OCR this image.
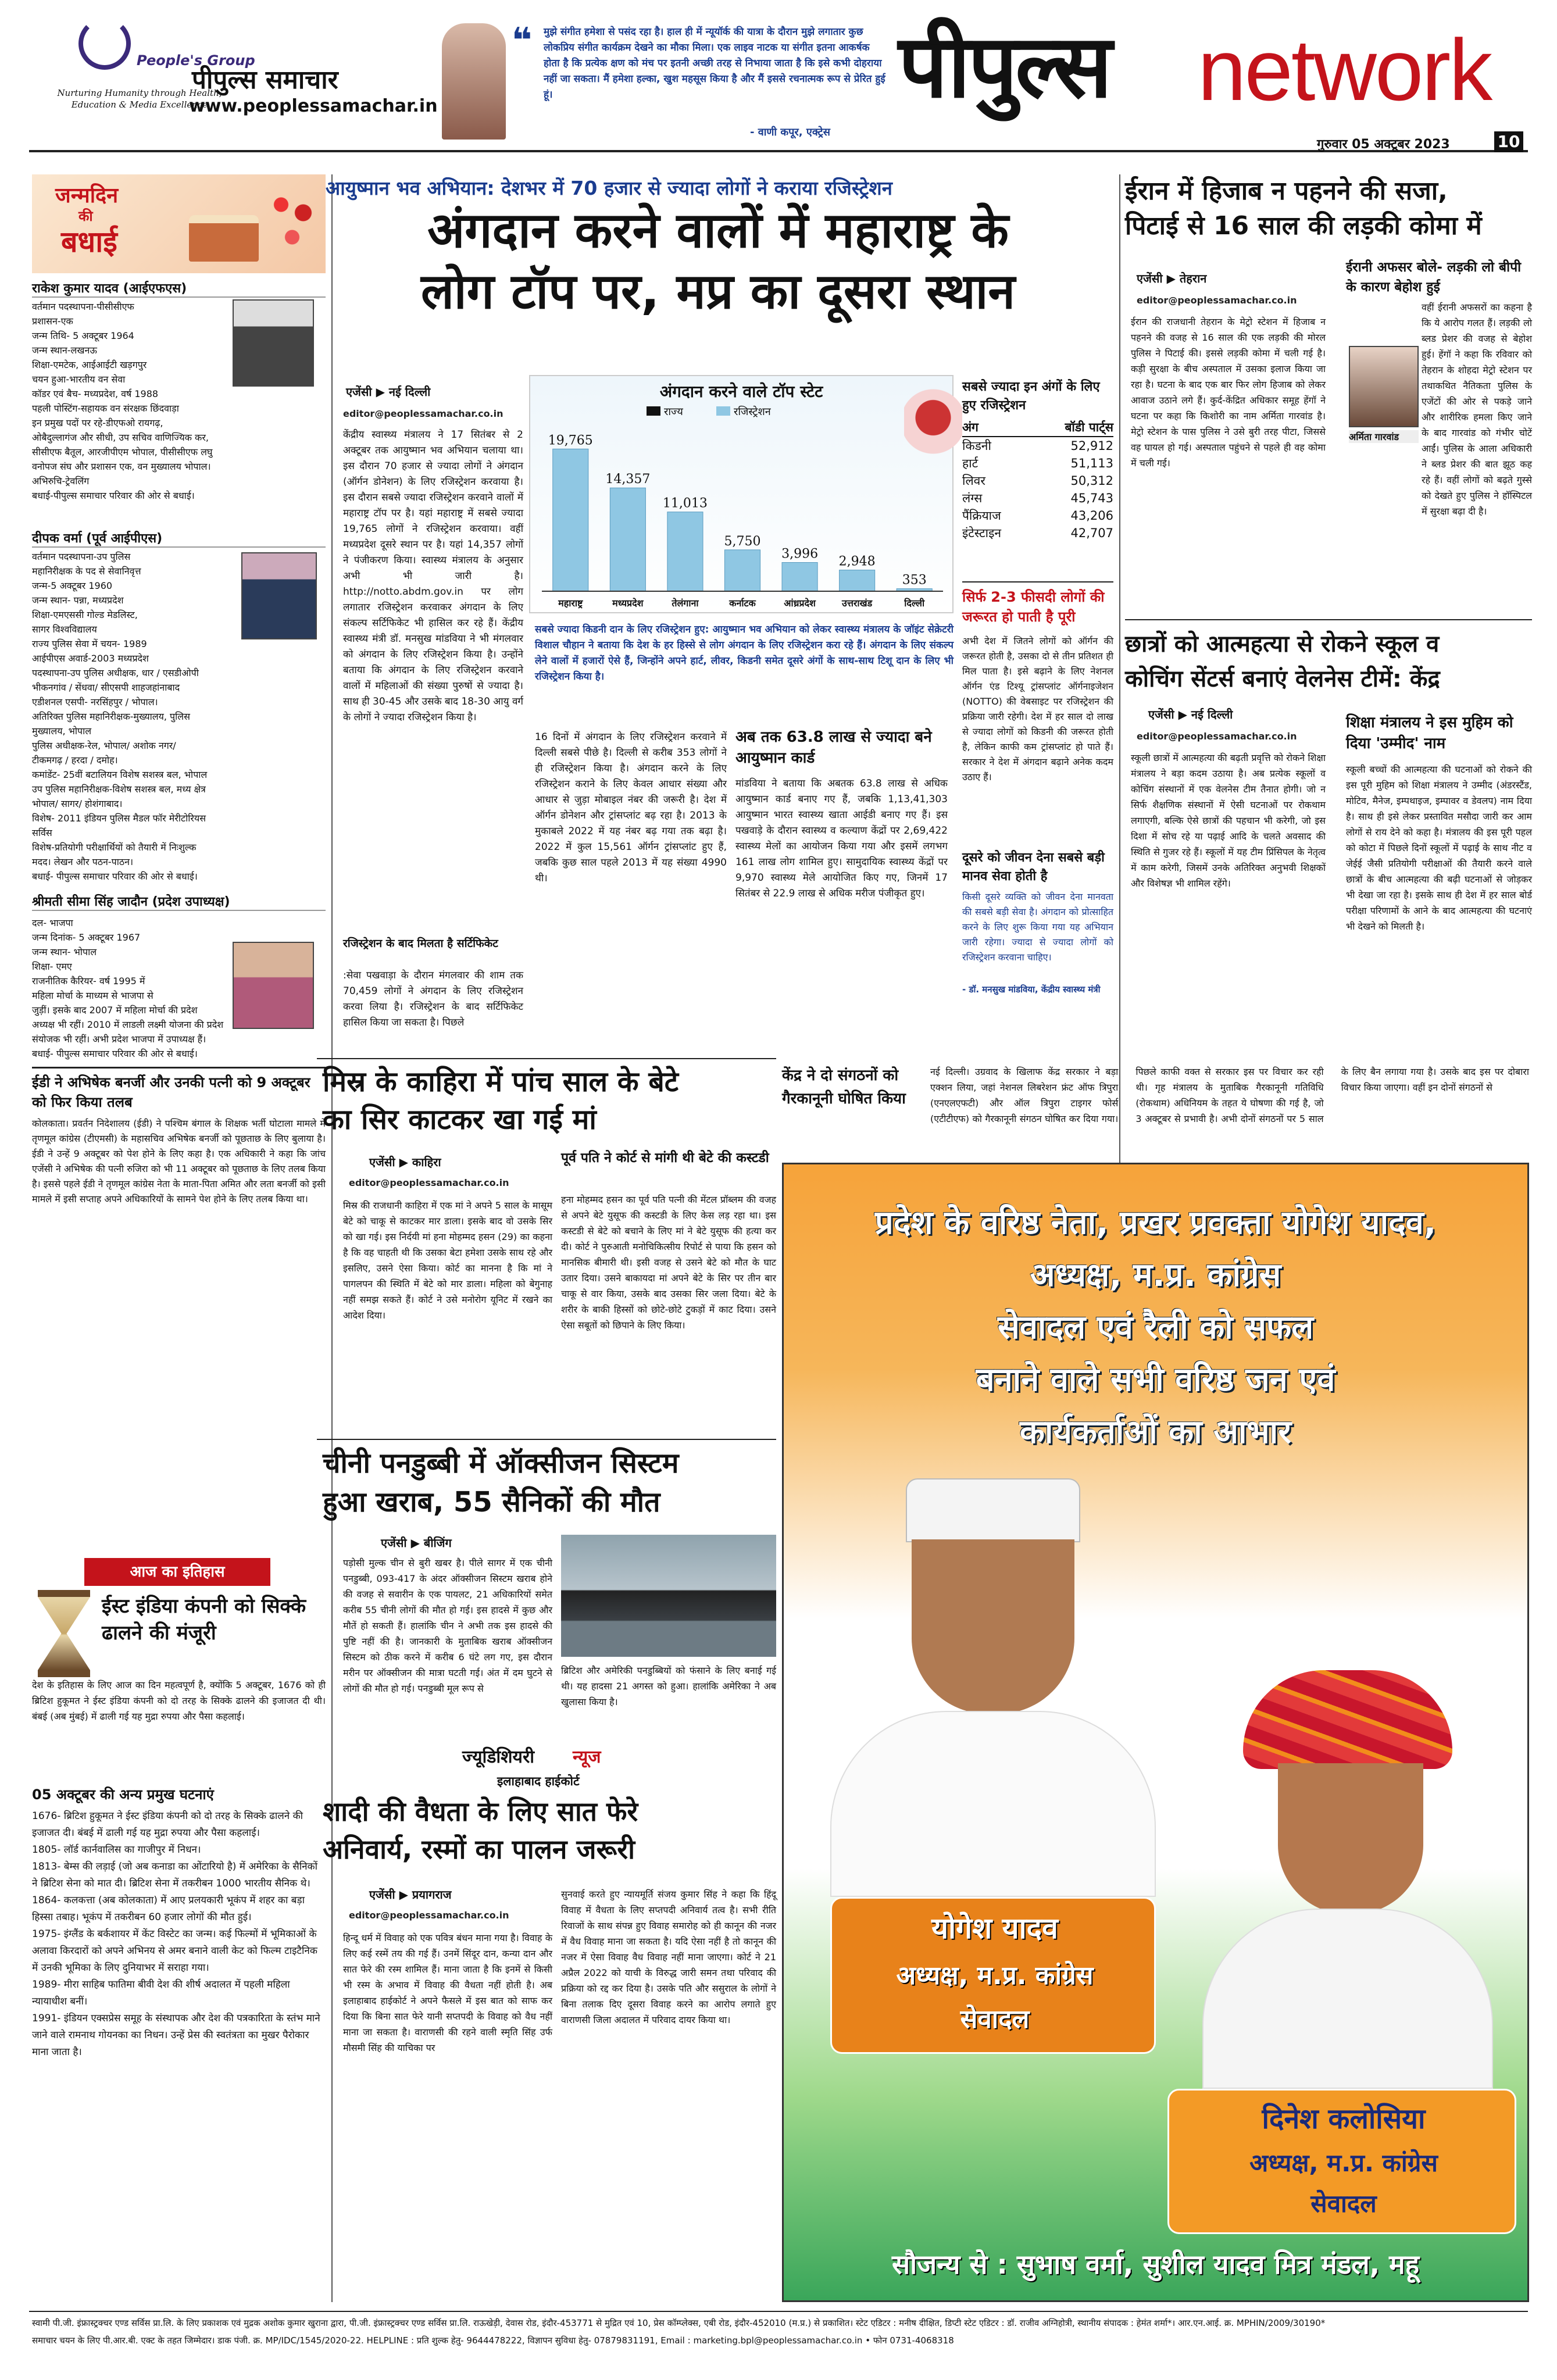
People's Group
Nurturing Humanity through Health, Education & Media Excellence
पीपुल्स समाचार
www.peoplessamachar.in
❝ मुझे संगीत हमेशा से पसंद रहा है। हाल ही में न्यूयॉर्क की यात्रा के दौरान मुझे लगातार कुछ लोकप्रिय संगीत कार्यक्रम देखने का मौका मिला। एक लाइव नाटक या संगीत इतना आकर्षक होता है कि प्रत्येक क्षण को मंच पर इतनी अच्छी तरह से निभाया जाता है कि इसे कभी दोहराया नहीं जा सकता। मैं हमेशा हल्का, खुश महसूस किया है और मैं इससे रचनात्मक रूप से प्रेरित हुई हूं।
- वाणी कपूर, एक्ट्रेस
पीपुल्स network
गुरुवार 05 अक्टूबर 2023	10
जन्मदिन
की
बधाई
राकेश कुमार यादव (आईएफएस)
वर्तमान पदस्थापना-पीसीसीएफ
प्रशासन-एक
जन्म तिथि- 5 अक्टूबर 1964
जन्म स्थान-लखनऊ
शिक्षा-एमटेक, आईआईटी खड़गपुर
चयन हुआ-भारतीय वन सेवा
कॉडर एवं बैच- मध्यप्रदेश, वर्ष 1988
पहली पोस्टिंग-सहायक वन संरक्षक छिंदवाड़ा
इन प्रमुख पदों पर रहे-डीएफओ रायगढ़,
ओबैदुल्लागंज और सीधी, उप सचिव वाणिज्यिक कर,
सीसीएफ बैतूल, आरजीपीएम भोपाल, पीसीसीएफ लघु
वनोपज संघ और प्रशासन एक, वन मुख्यालय भोपाल।
अभिरुचि-ट्रेवलिंग
बधाई-पीपुल्स समाचार परिवार की ओर से बधाई।
दीपक वर्मा (पूर्व आईपीएस)
वर्तमान पदस्थापना-उप पुलिस
महानिरीक्षक के पद से सेवानिवृत्त
जन्म-5 अक्टूबर 1960
जन्म स्थान- पन्ना, मध्यप्रदेश
शिक्षा-एमएससी गोल्ड मेडलिस्ट,
सागर विश्वविद्यालय
राज्य पुलिस सेवा में चयन- 1989
आईपीएस अवार्ड-2003 मध्यप्रदेश
पदस्थापना-उप पुलिस अधीक्षक, धार / एसडीओपी
भीकनगांव / सेंधवा/ सीएसपी शाहजहांनाबाद
एडीशनल एसपी- नरसिंहपुर / भोपाल।
अतिरिक्त पुलिस महानिरीक्षक-मुख्यालय, पुलिस
मुख्यालय, भोपाल
पुलिस अधीक्षक-रेल, भोपाल/ अशोक नगर/
टीकमगढ़ / हरदा / दमोह।
कमांडेंट- 25वीं बटालियन विशेष सशस्त्र बल, भोपाल
उप पुलिस महानिरीक्षक-विशेष सशस्त्र बल, मध्य क्षेत्र
भोपाल/ सागर/ होशंगाबाद।
विशेष- 2011 इंडियन पुलिस मैडल फॉर मेरीटोरियस
सर्विस
विशेष-प्रतियोगी परीक्षार्थियों को तैयारी में निःशुल्क
मदद। लेखन और पठन-पाठन।
बधाई- पीपुल्स समाचार परिवार की ओर से बधाई।
श्रीमती सीमा सिंह जादौन (प्रदेश उपाध्यक्ष)
दल- भाजपा
जन्म दिनांक- 5 अक्टूबर 1967
जन्म स्थान- भोपाल
शिक्षा- एमए
राजनीतिक कैरियर- वर्ष 1995 में
महिला मोर्चा के माध्यम से भाजपा से
जुड़ीं। इसके बाद 2007 में महिला मोर्चा की प्रदेश
अध्यक्ष भी रहीं। 2010 में लाडली लक्ष्मी योजना की प्रदेश
संयोजक भी रहीं। अभी प्रदेश भाजपा में उपाध्यक्ष हैं।
बधाई- पीपुल्स समाचार परिवार की ओर से बधाई।
ईडी ने अभिषेक बनर्जी और उनकी पत्नी को 9 अक्टूबर को फिर किया तलब
कोलकाता। प्रवर्तन निदेशालय (ईडी) ने पश्चिम बंगाल के शिक्षक भर्ती घोटाला मामले में तृणमूल कांग्रेस (टीएमसी) के महासचिव अभिषेक बनर्जी को पूछताछ के लिए बुलाया है। ईडी ने उन्हें 9 अक्टूबर को पेश होने के लिए कहा है। एक अधिकारी ने कहा कि जांच एजेंसी ने अभिषेक की पत्नी रुजिरा को भी 11 अक्टूबर को पूछताछ के लिए तलब किया है। इससे पहले ईडी ने तृणमूल कांग्रेस नेता के माता-पिता अमित और लता बनर्जी को इसी मामले में इसी सप्ताह अपने अधिकारियों के सामने पेश होने के लिए तलब किया था।
आज का इतिहास
ईस्ट इंडिया कंपनी को सिक्के ढालने की मंजूरी
देश के इतिहास के लिए आज का दिन महत्वपूर्ण है, क्योंकि 5 अक्टूबर, 1676 को ही ब्रिटिश हुकूमत ने ईस्ट इंडिया कंपनी को दो तरह के सिक्के ढालने की इजाजत दी थी। बंबई (अब मुंबई) में ढाली गई यह मुद्रा रुपया और पैसा कहलाई।
05 अक्टूबर की अन्य प्रमुख घटनाएं
1676- ब्रिटिश हुकूमत ने ईस्ट इंडिया कंपनी को दो तरह के सिक्के ढालने की इजाजत दी। बंबई में ढाली गई यह मुद्रा रुपया और पैसा कहलाई।
1805- लॉर्ड कार्नवालिस का गाजीपुर में निधन।
1813- बेम्स की लड़ाई (जो अब कनाडा का ओंटारियो है) में अमेरिका के सैनिकों ने ब्रिटिश सेना को मात दी। ब्रिटिश सेना में तकरीबन 1000 भारतीय सैनिक थे।
1864- कलकत्ता (अब कोलकाता) में आए प्रलयकारी भूकंप में शहर का बड़ा हिस्सा तबाह। भूकंप में तकरीबन 60 हजार लोगों की मौत हुई।
1975- इंग्लैंड के बर्कशायर में केंट विस्टेट का जन्म। कई फिल्मों में भूमिकाओं के अलावा किरदारों को अपने अभिनय से अमर बनाने वाली केट को फिल्म टाइटैनिक में उनकी भूमिका के लिए दुनियाभर में सराहा गया।
1989- मीरा साहिब फातिमा बीवी देश की शीर्ष अदालत में पहली महिला न्यायाधीश बनीं।
1991- इंडियन एक्सप्रेस समूह के संस्थापक और देश की पत्रकारिता के स्तंभ माने जाने वाले रामनाथ गोयनका का निधन। उन्हें प्रेस की स्वतंत्रता का मुखर पैरोकार माना जाता है।
आयुष्मान भव अभियान: देशभर में 70 हजार से ज्यादा लोगों ने कराया रजिस्ट्रेशन
अंगदान करने वालों में महाराष्ट्र के
लोग टॉप पर, मप्र का दूसरा स्थान
एजेंसी ▶ नई दिल्ली
editor@peoplessamachar.co.in
केंद्रीय स्वास्थ्य मंत्रालय ने 17 सितंबर से 2 अक्टूबर तक आयुष्मान भव अभियान चलाया था। इस दौरान 70 हजार से ज्यादा लोगों ने अंगदान (ऑर्गन डोनेशन) के लिए रजिस्ट्रेशन करवाया है। इस दौरान सबसे ज्यादा रजिस्ट्रेशन करवाने वालों में महाराष्ट्र टॉप पर है। यहां महाराष्ट्र में सबसे ज्यादा 19,765 लोगों ने रजिस्ट्रेशन करवाया। वहीं मध्यप्रदेश दूसरे स्थान पर है। यहां 14,357 लोगों ने पंजीकरण किया। स्वास्थ्य मंत्रालय के अनुसार अभी भी जारी है। http://notto.abdm.gov.in पर लोग लगातार रजिस्ट्रेशन करवाकर अंगदान के लिए संकल्प सर्टिफिकेट भी हासिल कर रहे हैं। केंद्रीय स्वास्थ्य मंत्री डॉ. मनसुख मांडविया ने भी मंगलवार को अंगदान के लिए रजिस्ट्रेशन किया है। उन्होंने बताया कि अंगदान के लिए रजिस्ट्रेशन करवाने वालों में महिलाओं की संख्या पुरुषों से ज्यादा है। साथ ही 30-45 और उसके बाद 18-30 आयु वर्ग के लोगों ने ज्यादा रजिस्ट्रेशन किया है।
रजिस्ट्रेशन के बाद मिलता है सर्टिफिकेट
:सेवा पखवाड़ा के दौरान मंगलवार की शाम तक 70,459 लोगों ने अंगदान के लिए रजिस्ट्रेशन करवा लिया है। रजिस्ट्रेशन के बाद सर्टिफिकेट हासिल किया जा सकता है। पिछले
अंगदान करने वाले टॉप स्टेट
राज्य	रजिस्ट्रेशन
19,765
महाराष्ट्र
14,357
मध्यप्रदेश
11,013
तेलंगाना
5,750
कर्नाटक
3,996
आंध्रप्रदेश
2,948
उत्तराखंड
353
दिल्ली
सबसे ज्यादा किडनी दान के लिए रजिस्ट्रेशन हुए: आयुष्मान भव अभियान को लेकर स्वास्थ्य मंत्रालय के जॉइंट सेक्रेटरी विशाल चौहान ने बताया कि देश के हर हिस्से से लोग अंगदान के लिए रजिस्ट्रेशन करा रहे हैं। अंगदान के लिए संकल्प लेने वालों में हजारों ऐसे हैं, जिन्होंने अपने हार्ट, लीवर, किडनी समेत दूसरे अंगों के साथ-साथ टिशू दान के लिए भी रजिस्ट्रेशन किया है।
16 दिनों में अंगदान के लिए रजिस्ट्रेशन करवाने में दिल्ली सबसे पीछे है। दिल्ली से करीब 353 लोगों ने ही रजिस्ट्रेशन किया है। अंगदान करने के लिए रजिस्ट्रेशन कराने के लिए केवल आधार संख्या और आधार से जुड़ा मोबाइल नंबर की जरूरी है। देश में ऑर्गन डोनेशन और ट्रांसप्लांट बढ़ रहा है। 2013 के मुकाबले 2022 में यह नंबर बढ़ गया तक बढ़ा है। 2022 में कुल 15,561 ऑर्गन ट्रांसप्लांट हुए हैं, जबकि कुछ साल पहले 2013 में यह संख्या 4990 थी।
अब तक 63.8 लाख से ज्यादा बने आयुष्मान कार्ड
मांडविया ने बताया कि अबतक 63.8 लाख से अधिक आयुष्मान कार्ड बनाए गए हैं, जबकि 1,13,41,303 आयुष्मान भारत स्वास्थ्य खाता आईडी बनाए गए हैं। इस पखवाड़े के दौरान स्वास्थ्य व कल्याण केंद्रों पर 2,69,422 स्वास्थ्य मेलों का आयोजन किया गया और इसमें लगभग 161 लाख लोग शामिल हुए। सामुदायिक स्वास्थ्य केंद्रों पर 9,970 स्वास्थ्य मेले आयोजित किए गए, जिनमें 17 सितंबर से 22.9 लाख से अधिक मरीज पंजीकृत हुए।
सबसे ज्यादा इन अंगों के लिए हुए रजिस्ट्रेशन
अंग	बॉडी पार्ट्स
किडनी	52,912
हार्ट	51,113
लिवर	50,312
लंग्स	45,743
पैंक्रियाज	43,206
इंटेस्टाइन	42,707
सिर्फ 2-3 फीसदी लोगों की जरूरत हो पाती है पूरी
अभी देश में जितने लोगों को ऑर्गन की जरूरत होती है, उसका दो से तीन प्रतिशत ही मिल पाता है। इसे बढ़ाने के लिए नेशनल ऑर्गन एंड टिश्यू ट्रांसप्लांट ऑर्गनाइजेशन (NOTTO) की वेबसाइट पर रजिस्ट्रेशन की प्रक्रिया जारी रहेगी। देश में हर साल दो लाख से ज्यादा लोगों को किडनी की जरूरत होती है, लेकिन काफी कम ट्रांसप्लांट हो पाते हैं। सरकार ने देश में अंगदान बढ़ाने अनेक कदम उठाए हैं।
दूसरे को जीवन देना सबसे बड़ी मानव सेवा होती है
किसी दूसरे व्यक्ति को जीवन देना मानवता की सबसे बड़ी सेवा है। अंगदान को प्रोत्साहित करने के लिए शुरू किया गया यह अभियान जारी रहेगा। ज्यादा से ज्यादा लोगों को रजिस्ट्रेशन करवाना चाहिए।
- डॉ. मनसुख मांडविया, केंद्रीय स्वास्थ्य मंत्री
ईरान में हिजाब न पहनने की सजा,
पिटाई से 16 साल की लड़की कोमा में
एजेंसी ▶ तेहरान
editor@peoplessamachar.co.in
ईरान की राजधानी तेहरान के मेट्रो स्टेशन में हिजाब न पहनने की वजह से 16 साल की एक लड़की की मोरल पुलिस ने पिटाई की। इससे लड़की कोमा में चली गई है। कड़ी सुरक्षा के बीच अस्पताल में उसका इलाज किया जा रहा है। घटना के बाद एक बार फिर लोग हिजाब को लेकर आवाज उठाने लगे हैं। कुर्द-केंद्रित अधिकार समूह हेंगॉ ने घटना पर कहा कि किशोरी का नाम अर्मिता गारवांड है। मेट्रो स्टेशन के पास पुलिस ने उसे बुरी तरह पीटा, जिससे वह घायल हो गई। अस्पताल पहुंचने से पहले ही वह कोमा में चली गई।
ईरानी अफसर बोले- लड़की लो बीपी के कारण बेहोश हुई
अर्मिता गारवांड
वहीं ईरानी अफसरों का कहना है कि ये आरोप गलत हैं। लड़की लो ब्लड प्रेशर की वजह से बेहोश हुई। हेंगॉ ने कहा कि रविवार को तेहरान के शोहदा मेट्रो स्टेशन पर तथाकथित नैतिकता पुलिस के एजेंटों की ओर से पकड़े जाने और शारीरिक हमला किए जाने के बाद गारवांड को गंभीर चोटें आईं। पुलिस के आला अधिकारी ने ब्लड प्रेशर की बात झूठ कह रहे हैं। वहीं लोगों को बढ़ते गुस्से को देखते हुए पुलिस ने हॉस्पिटल में सुरक्षा बढ़ा दी है।
छात्रों को आत्महत्या से रोकने स्कूल व
कोचिंग सेंटर्स बनाएं वेलनेस टीमें: केंद्र
एजेंसी ▶ नई दिल्ली
editor@peoplessamachar.co.in
स्कूली छात्रों में आत्महत्या की बढ़ती प्रवृत्ति को रोकने शिक्षा मंत्रालय ने बड़ा कदम उठाया है। अब प्रत्येक स्कूलों व कोचिंग संस्थानों में एक वेलनेस टीम तैनात होगी। जो न सिर्फ शैक्षणिक संस्थानों में ऐसी घटनाओं पर रोकथाम लगाएगी, बल्कि ऐसे छात्रों की पहचान भी करेगी, जो इस दिशा में सोच रहे या पढ़ाई आदि के चलते अवसाद की स्थिति से गुजर रहे हैं। स्कूलों में यह टीम प्रिंसिपल के नेतृत्व में काम करेगी, जिसमें उनके अतिरिक्त अनुभवी शिक्षकों और विशेषज्ञ भी शामिल रहेंगे।
शिक्षा मंत्रालय ने इस मुहिम को दिया 'उम्मीद' नाम
स्कूली बच्चों की आत्महत्या की घटनाओं को रोकने की इस पूरी मुहिम को शिक्षा मंत्रालय ने उम्मीद (अंडरस्टैंड, मोटिव, मैनेज, इम्पथाइज, इम्पावर व डेवलप) नाम दिया है। साथ ही इसे लेकर प्रस्तावित मसौदा जारी कर आम लोगों से राय देने को कहा है। मंत्रालय की इस पूरी पहल को कोटा में पिछले दिनों स्कूलों में पढ़ाई के साथ नीट व जेईई जैसी प्रतियोगी परीक्षाओं की तैयारी करने वाले छात्रों के बीच आत्महत्या की बढ़ी घटनाओं से जोड़कर भी देखा जा रहा है। इसके साथ ही देश में हर साल बोर्ड परीक्षा परिणामों के आने के बाद आत्महत्या की घटनाएं भी देखने को मिलती है।
मिस्र के काहिरा में पांच साल के बेटे
का सिर काटकर खा गई मां
एजेंसी ▶ काहिरा
editor@peoplessamachar.co.in
मिस्र की राजधानी काहिरा में एक मां ने अपने 5 साल के मासूम बेटे को चाकू से काटकर मार डाला। इसके बाद वो उसके सिर को खा गई। इस निर्दयी मां हना मोहम्मद हसन (29) का कहना है कि वह चाहती थी कि उसका बेटा हमेशा उसके साथ रहे और इसलिए, उसने ऐसा किया। कोर्ट का मानना है कि मां ने पागलपन की स्थिति में बेटे को मार डाला। महिला को बेगुनाह नहीं समझ सकते हैं। कोर्ट ने उसे मनोरोग यूनिट में रखने का आदेश दिया।
पूर्व पति ने कोर्ट से मांगी थी बेटे की कस्टडी
हना मोहम्मद हसन का पूर्व पति पत्नी की मेंटल प्रॉब्लम की वजह से अपने बेटे युसूफ की कस्टडी के लिए केस लड़ रहा था। इस कस्टडी से बेटे को बचाने के लिए मां ने बेटे युसूफ की हत्या कर दी। कोर्ट ने पुरुआती मनोचिकित्सीय रिपोर्ट से पाया कि हसन को मानसिक बीमारी थी। इसी वजह से उसने बेटे को मौत के घाट उतार दिया। उसने बाकायदा मां अपने बेटे के सिर पर तीन बार चाकू से वार किया, उसके बाद उसका सिर जला दिया। बेटे के शरीर के बाकी हिस्सों को छोटे-छोटे टुकड़ों में काट दिया। उसने ऐसा सबूतों को छिपाने के लिए किया।
केंद्र ने दो संगठनों को गैरकानूनी घोषित किया
नई दिल्ली। उग्रवाद के खिलाफ केंद्र सरकार ने बड़ा एक्शन लिया, जहां नेशनल लिबरेशन फ्रंट ऑफ त्रिपुरा (एनएलएफटी) और ऑल त्रिपुरा टाइगर फोर्स (एटीटीएफ) को गैरकानूनी संगठन घोषित कर दिया गया। पिछले काफी वक्त से सरकार इस पर विचार कर रही थी। गृह मंत्रालय के मुताबिक गैरकानूनी गतिविधि (रोकथाम) अधिनियम के तहत ये घोषणा की गई है, जो 3 अक्टूबर से प्रभावी है। अभी दोनों संगठनों पर 5 साल के लिए बैन लगाया गया है। उसके बाद इस पर दोबारा विचार किया जाएगा। वहीं इन दोनों संगठनों से
चीनी पनडुब्बी में ऑक्सीजन सिस्टम
हुआ खराब, 55 सैनिकों की मौत
एजेंसी ▶ बीजिंग
पड़ोसी मुल्क चीन से बुरी खबर है। पीले सागर में एक चीनी पनडुब्बी, 093-417 के अंदर ऑक्सीजन सिस्टम खराब होने की वजह से सवारीन के एक पायलट, 21 अधिकारियों समेत करीब 55 चीनी लोगों की मौत हो गई। इस हादसे में कुछ और मौतें हो सकती हैं। हालांकि चीन ने अभी तक इस हादसे की पुष्टि नहीं की है। जानकारी के मुताबिक खराब ऑक्सीजन सिस्टम को ठीक करने में करीब 6 घंटे लग गए, इस दौरान मरीन पर ऑक्सीजन की मात्रा घटती गई। अंत में दम घुटने से लोगों की मौत हो गई। पनडुब्बी मूल रूप से
ब्रिटिश और अमेरिकी पनडुब्बियों को फंसाने के लिए बनाई गई थी। यह हादसा 21 अगस्त को हुआ। हालांकि अमेरिका ने अब खुलासा किया है।
ज्यूडिशियरी न्यूज
इलाहाबाद हाईकोर्ट
शादी की वैधता के लिए सात फेरे
अनिवार्य, रस्मों का पालन जरूरी
एजेंसी ▶ प्रयागराज
editor@peoplessamachar.co.in
हिन्दू धर्म में विवाह को एक पवित्र बंधन माना गया है। विवाह के लिए कई रस्में तय की गई हैं। उनमें सिंदूर दान, कन्या दान और सात फेरे की रस्म शामिल हैं। माना जाता है कि इनमें से किसी भी रस्म के अभाव में विवाह की वैधता नहीं होती है। अब इलाहाबाद हाईकोर्ट ने अपने फैसले में इस बात को साफ कर दिया कि बिना सात फेरे यानी सप्तपदी के विवाह को वैध नहीं माना जा सकता है। वाराणसी की रहने वाली स्मृति सिंह उर्फ मौसमी सिंह की याचिका पर
सुनवाई करते हुए न्यायमूर्ति संजय कुमार सिंह ने कहा कि हिंदू विवाह में वैधता के लिए सप्तपदी अनिवार्य तत्व है। सभी रीति रिवाजों के साथ संपन्न हुए विवाह समारोह को ही कानून की नजर में वैध विवाह माना जा सकता है। यदि ऐसा नहीं है तो कानून की नजर में ऐसा विवाह वैध विवाह नहीं माना जाएगा। कोर्ट ने 21 अप्रैल 2022 को याची के विरुद्ध जारी समन तथा परिवाद की प्रक्रिया को रद्द कर दिया है। उसके पति और ससुराल के लोगों ने बिना तलाक दिए दूसरा विवाह करने का आरोप लगाते हुए वाराणसी जिला अदालत में परिवाद दायर किया था।
प्रदेश के वरिष्ठ नेता, प्रखर प्रवक्ता योगेश यादव,
अध्यक्ष, म.प्र. कांग्रेस
सेवादल एवं रैली को सफल
बनाने वाले सभी वरिष्ठ जन एवं
कार्यकर्ताओं का आभार
योगेश यादव
अध्यक्ष, म.प्र. कांग्रेस
सेवादल
दिनेश कलोसिया
अध्यक्ष, म.प्र. कांग्रेस
सेवादल
सौजन्य से : सुभाष वर्मा, सुशील यादव मित्र मंडल, महू
स्वामी पी.जी. इंफ्रास्ट्रक्चर एण्ड सर्विस प्रा.लि. के लिए प्रकाशक एवं मुद्रक अशोक कुमार खुराना द्वारा, पी.जी. इंफ्रास्ट्रक्चर एण्ड सर्विस प्रा.लि. राऊखेड़ी, देवास रोड, इंदौर-453771 से मुद्रित एवं 10, प्रेस कॉम्प्लेक्स, एबी रोड, इंदौर-452010 (म.प्र.) से प्रकाशित। स्टेट एडिटर : मनीष दीक्षित, डिप्टी स्टेट एडिटर : डॉ. राजीव अग्निहोत्री, स्थानीय संपादक : हेमंत शर्मा*। आर.एन.आई. क्र. MPHIN/2009/30190*
समाचार चयन के लिए पी.आर.बी. एक्ट के तहत जिम्मेदार। डाक पंजी. क्र. MP/IDC/1545/2020-22. HELPLINE : प्रति शुल्क हेतु- 9644478222, विज्ञापन सुविधा हेतु- 07879831191, Email : marketing.bpl@peoplessamachar.co.in • फोन 0731-4068318
